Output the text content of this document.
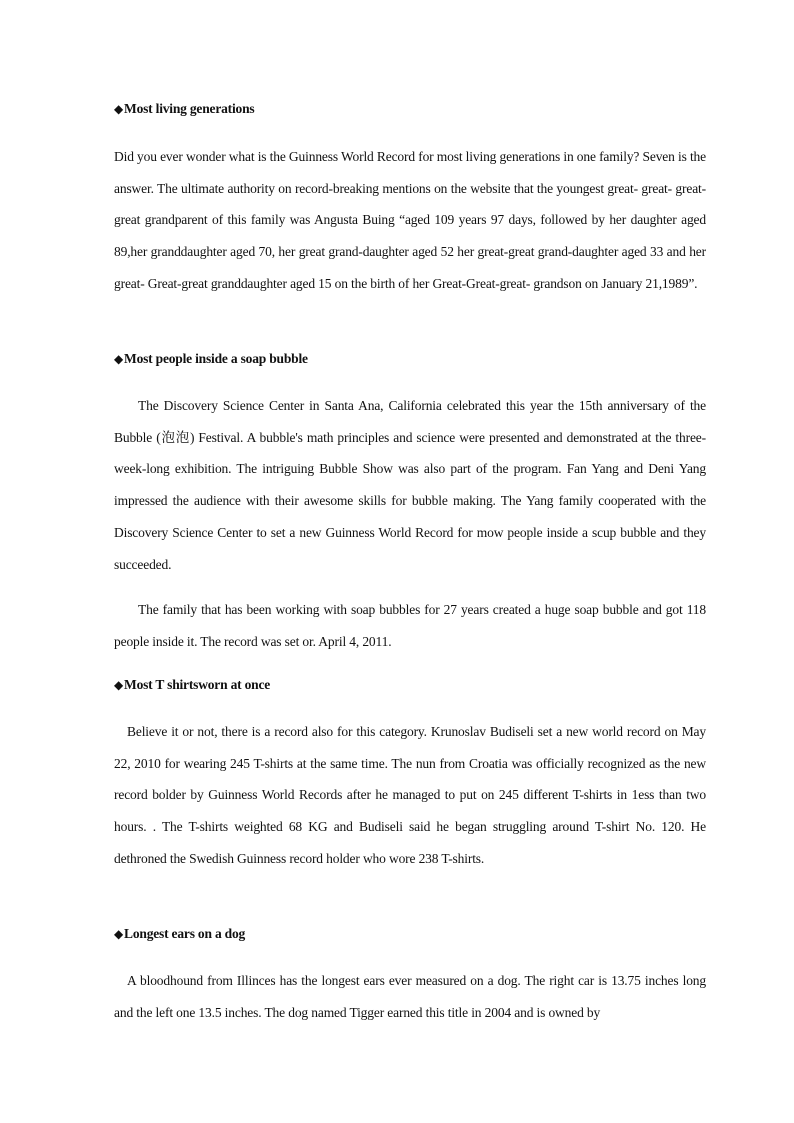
◆Most living generations
Did you ever wonder what is the Guinness World Record for most living generations in one family? Seven is the answer. The ultimate authority on record-breaking mentions on the website that the youngest great- great- great- great grandparent of this family was Angusta Buing “aged 109 years 97 days, followed by her daughter aged 89,her granddaughter aged 70, her great grand-daughter aged 52 her great-great grand-daughter aged 33 and her great- Great-great granddaughter aged 15 on the birth of her Great-Great-great- grandson on January 21,1989”.
◆Most people inside a soap bubble
The Discovery Science Center in Santa Ana, California celebrated this year the 15th anniversary of the Bubble (泡泡) Festival. A bubble's math principles and science were presented and demonstrated at the three-week-long exhibition. The intriguing Bubble Show was also part of the program. Fan Yang and Deni Yang impressed the audience with their awesome skills for bubble making. The Yang family cooperated with the Discovery Science Center to set a new Guinness World Record for mow people inside a scup bubble and they succeeded.
The family that has been working with soap bubbles for 27 years created a huge soap bubble and got 118 people inside it. The record was set or. April 4, 2011.
◆Most T shirtsworn at once
Believe it or not, there is a record also for this category. Krunoslav Budiseli set a new world record on May 22, 2010 for wearing 245 T-shirts at the same time. The nun from Croatia was officially recognized as the new record bolder by Guinness World Records after he managed to put on 245 different T-shirts in 1ess than two hours. . The T-shirts weighted 68 KG and Budiseli said he began struggling around T-shirt No. 120. He dethroned the Swedish Guinness record holder who wore 238 T-shirts.
◆Longest ears on a dog
A bloodhound from Illinces has the longest ears ever measured on a dog. The right car is 13.75 inches long and the left one 13.5 inches. The dog named Tigger earned this title in 2004 and is owned by
